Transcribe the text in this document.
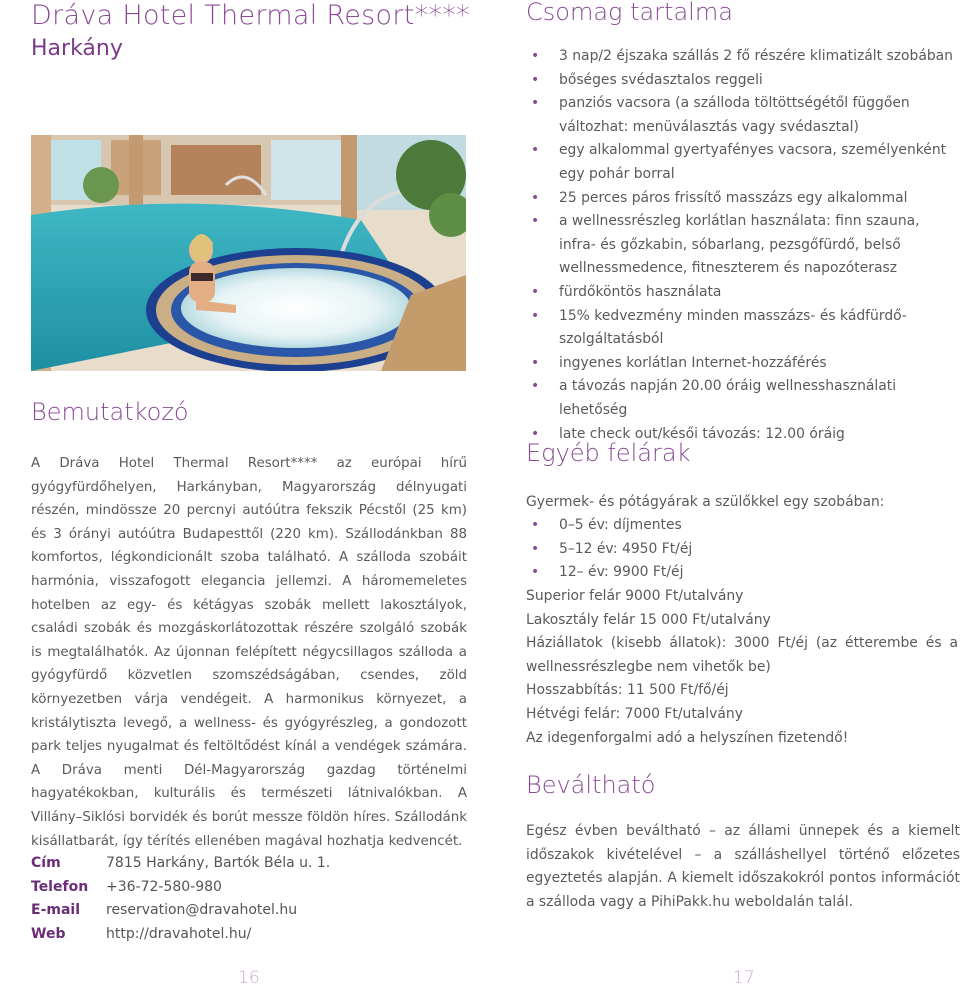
Dráva Hotel Thermal Resort****
Harkány
Bemutatkozó

A Dráva Hotel Thermal Resort**** az európai hírű gyógyfürdőhelyen, Harkányban, Magyarország délnyugati részén, mindössze 20 percnyi autóútra fekszik Pécstől (25 km) és 3 órányi autóútra Budapesttől (220 km). Szállodánkban 88 komfortos, légkondicionált szoba található. A szálloda szobáit harmónia, visszafogott elegancia jellemzi. A háromemeletes hotelben az egy- és kétágyas szobák mellett lakosztályok, családi szobák és mozgáskorlátozottak részére szolgáló szobák is megtalálhatók. Az újonnan felépített négycsillagos szálloda a gyógyfürdő közvetlen szomszédságában, csendes, zöld környezetben várja vendégeit. A harmonikus környezet, a kristálytiszta levegő, a wellness- és gyógyrészleg, a gondozott park teljes nyugalmat és feltöltődést kínál a vendégek számára. A Dráva menti Dél-Magyarország gazdag történelmi hagyatékokban, kulturális és természeti látnivalókban. A Villány–Siklósi borvidék és borút messze földön híres. Szállodánk kisállatbarát, így térítés ellenében magával hozhatja kedvencét.

Cím	7815 Harkány, Bartók Béla u. 1.
Telefon	+36-72-580-980
E-mail	reservation@dravahotel.hu
Web	http://dravahotel.hu/
16
Csomag tartalma
• 3 nap/2 éjszaka szállás 2 fő részére klimatizált szobában
• bőséges svédasztalos reggeli
• panziós vacsora (a szálloda töltöttségétől függően változhat: menüválasztás vagy svédasztal)
• egy alkalommal gyertyafényes vacsora, személyenként egy pohár borral
• 25 perces páros frissítő masszázs egy alkalommal
• a wellnessrészleg korlátlan használata: finn szauna, infra- és gőzkabin, sóbarlang, pezsgőfürdő, belső wellnessmedence, fitneszterem és napozóterasz
• fürdőköntös használata
• 15% kedvezmény minden masszázs- és kádfürdő-szolgáltatásból
• ingyenes korlátlan Internet-hozzáférés
• a távozás napján 20.00 óráig wellnesshasználati lehetőség
• late check out/késői távozás: 12.00 óráig
Egyéb felárak
Gyermek- és pótágyárak a szülőkkel egy szobában:
• 0–5 év: díjmentes
• 5–12 év: 4950 Ft/éj
• 12– év: 9900 Ft/éj
Superior felár 9000 Ft/utalvány
Lakosztály felár 15 000 Ft/utalvány
Háziállatok (kisebb állatok): 3000 Ft/éj (az étterembe és a wellnessrészlegbe nem vihetők be)
Hosszabbítás: 11 500 Ft/fő/éj
Hétvégi felár: 7000 Ft/utalvány
Az idegenforgalmi adó a helyszínen fizetendő!
Beváltható

Egész évben beváltható – az állami ünnepek és a kiemelt időszakok kivételével – a szálláshellyel történő előzetes egyeztetés alapján. A kiemelt időszakokról pontos információt a szálloda vagy a PihiPakk.hu weboldalán talál.

17
